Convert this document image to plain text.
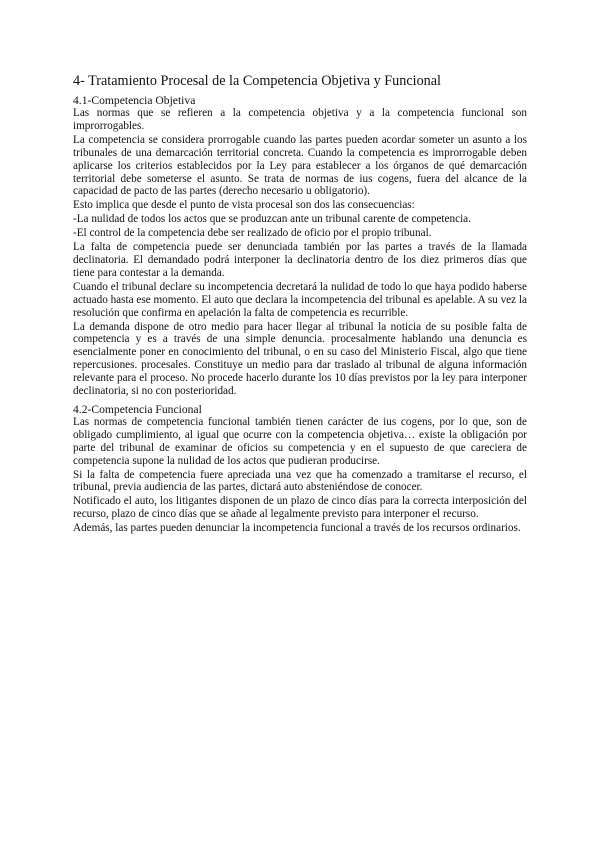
4- Tratamiento Procesal de la Competencia Objetiva y Funcional
4.1-Competencia Objetiva

Las normas que se refieren a la competencia objetiva y a la competencia funcional son improrrogables.

La competencia se considera prorrogable cuando las partes pueden acordar someter un asunto a los tribunales de una demarcación territorial concreta. Cuando la competencia es improrrogable deben aplicarse los criterios establecidos por la Ley para establecer a los órganos de qué demarcación territorial debe someterse el asunto. Se trata de normas de ius cogens, fuera del alcance de la capacidad de pacto de las partes (derecho necesario u obligatorio).

Esto implica que desde el punto de vista procesal son dos las consecuencias:

-La nulidad de todos los actos que se produzcan ante un tribunal carente de competencia.

-El control de la competencia debe ser realizado de oficio por el propio tribunal.

La falta de competencia puede ser denunciada también por las partes a través de la llamada declinatoria. El demandado podrá interponer la declinatoria dentro de los diez primeros días que tiene para contestar a la demanda.

Cuando el tribunal declare su incompetencia decretará la nulidad de todo lo que haya podido haberse actuado hasta ese momento. El auto que declara la incompetencia del tribunal es apelable. A su vez la resolución que confirma en apelación la falta de competencia es recurrible.

La demanda dispone de otro medio para hacer llegar al tribunal la noticia de su posible falta de competencia y es a través de una simple denuncia. procesalmente hablando una denuncia es esencialmente poner en conocimiento del tribunal, o en su caso del Ministerio Fiscal, algo que tiene repercusiones. procesales. Constituye un medio para dar traslado al tribunal de alguna información relevante para el proceso. No procede hacerlo durante los 10 días previstos por la ley para interponer declinatoria, si no con posterioridad.

4.2-Competencia Funcional

Las normas de competencia funcional también tienen carácter de ius cogens, por lo que, son de obligado cumplimiento, al igual que ocurre con la competencia objetiva… existe la obligación por parte del tribunal de examinar de oficios su competencia y en el supuesto de que careciera de competencia supone la nulidad de los actos que pudieran producirse.

Si la falta de competencia fuere apreciada una vez que ha comenzado a tramitarse el recurso, el tribunal, previa audiencia de las partes, dictará auto absteniéndose de conocer.

Notificado el auto, los litigantes disponen de un plazo de cinco días para la correcta interposición del recurso, plazo de cinco días que se añade al legalmente previsto para interponer el recurso.

Además, las partes pueden denunciar la incompetencia funcional a través de los recursos ordinarios.
